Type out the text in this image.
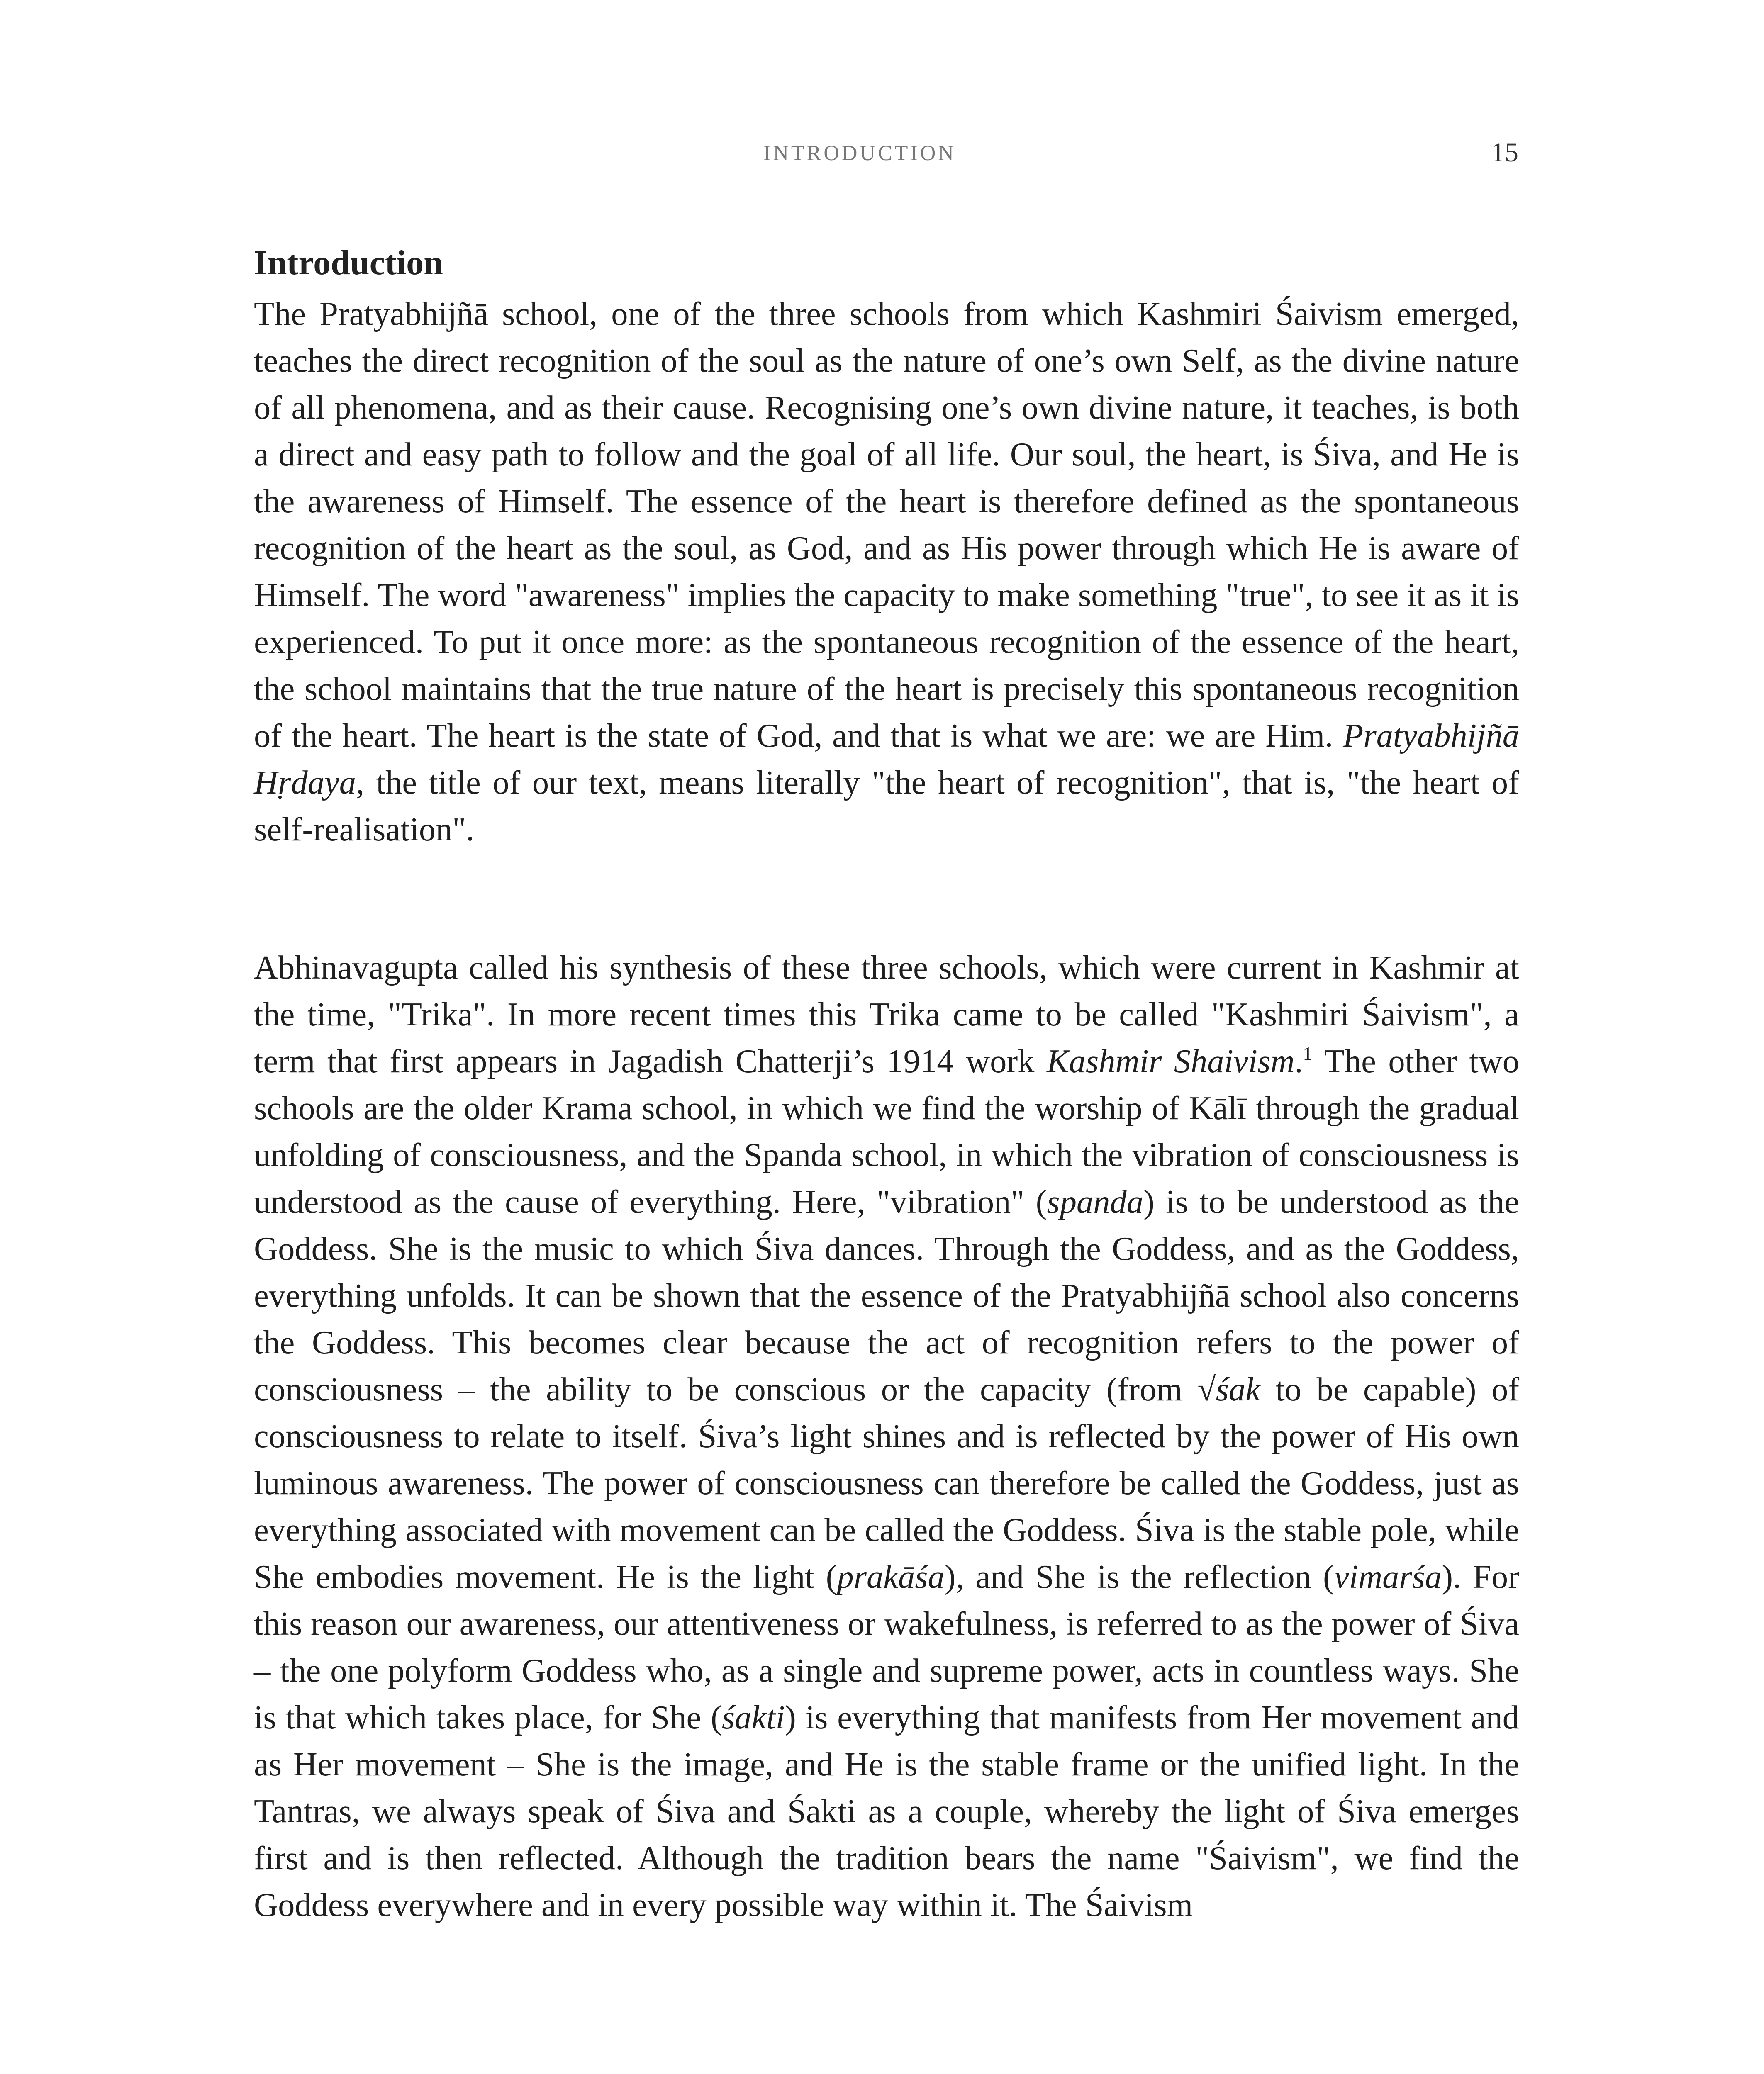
INTRODUCTION	15
Introduction

The Pratyabhijñā school, one of the three schools from which Kashmiri Śaivism emerged, teaches the direct recognition of the soul as the nature of one’s own Self, as the divine nature of all phenomena, and as their cause. Recognising one’s own divine nature, it teaches, is both a direct and easy path to follow and the goal of all life. Our soul, the heart, is Śiva, and He is the awareness of Himself. The essence of the heart is therefore defined as the spontaneous recognition of the heart as the soul, as God, and as His power through which He is aware of Himself. The word "awareness" implies the capacity to make something "true", to see it as it is experienced. To put it once more: as the spontaneous recognition of the essence of the heart, the school maintains that the true nature of the heart is precisely this spontaneous recognition of the heart. The heart is the state of God, and that is what we are: we are Him. Pratyabhijñā Hṛdaya, the title of our text, means literally "the heart of recognition", that is, "the heart of self-realisation".

Abhinavagupta called his synthesis of these three schools, which were current in Kashmir at the time, "Trika". In more recent times this Trika came to be called "Kashmiri Śaivism", a term that first appears in Jagadish Chatterji’s 1914 work Kashmir Shaivism.$^1$ The other two schools are the older Krama school, in which we find the worship of Kālī through the gradual unfolding of consciousness, and the Spanda school, in which the vibration of consciousness is understood as the cause of everything. Here, "vibration" (spanda) is to be understood as the Goddess. She is the music to which Śiva dances. Through the Goddess, and as the Goddess, everything unfolds. It can be shown that the essence of the Pratyabhijñā school also concerns the Goddess. This becomes clear because the act of recognition refers to the power of consciousness – the ability to be conscious or the capacity (from √śak to be capable) of consciousness to relate to itself. Śiva’s light shines and is reflected by the power of His own luminous awareness. The power of consciousness can therefore be called the Goddess, just as everything associated with movement can be called the Goddess. Śiva is the stable pole, while She embodies movement. He is the light (prakāśa), and She is the reflection (vimarśa). For this reason our awareness, our attentiveness or wakefulness, is referred to as the power of Śiva – the one polyform Goddess who, as a single and supreme power, acts in countless ways. She is that which takes place, for She (śakti) is everything that manifests from Her movement and as Her movement – She is the image, and He is the stable frame or the unified light. In the Tantras, we always speak of Śiva and Śakti as a couple, whereby the light of Śiva emerges first and is then reflected. Although the tradition bears the name "Śaivism", we find the Goddess everywhere and in every possible way within it. The Śaivism
